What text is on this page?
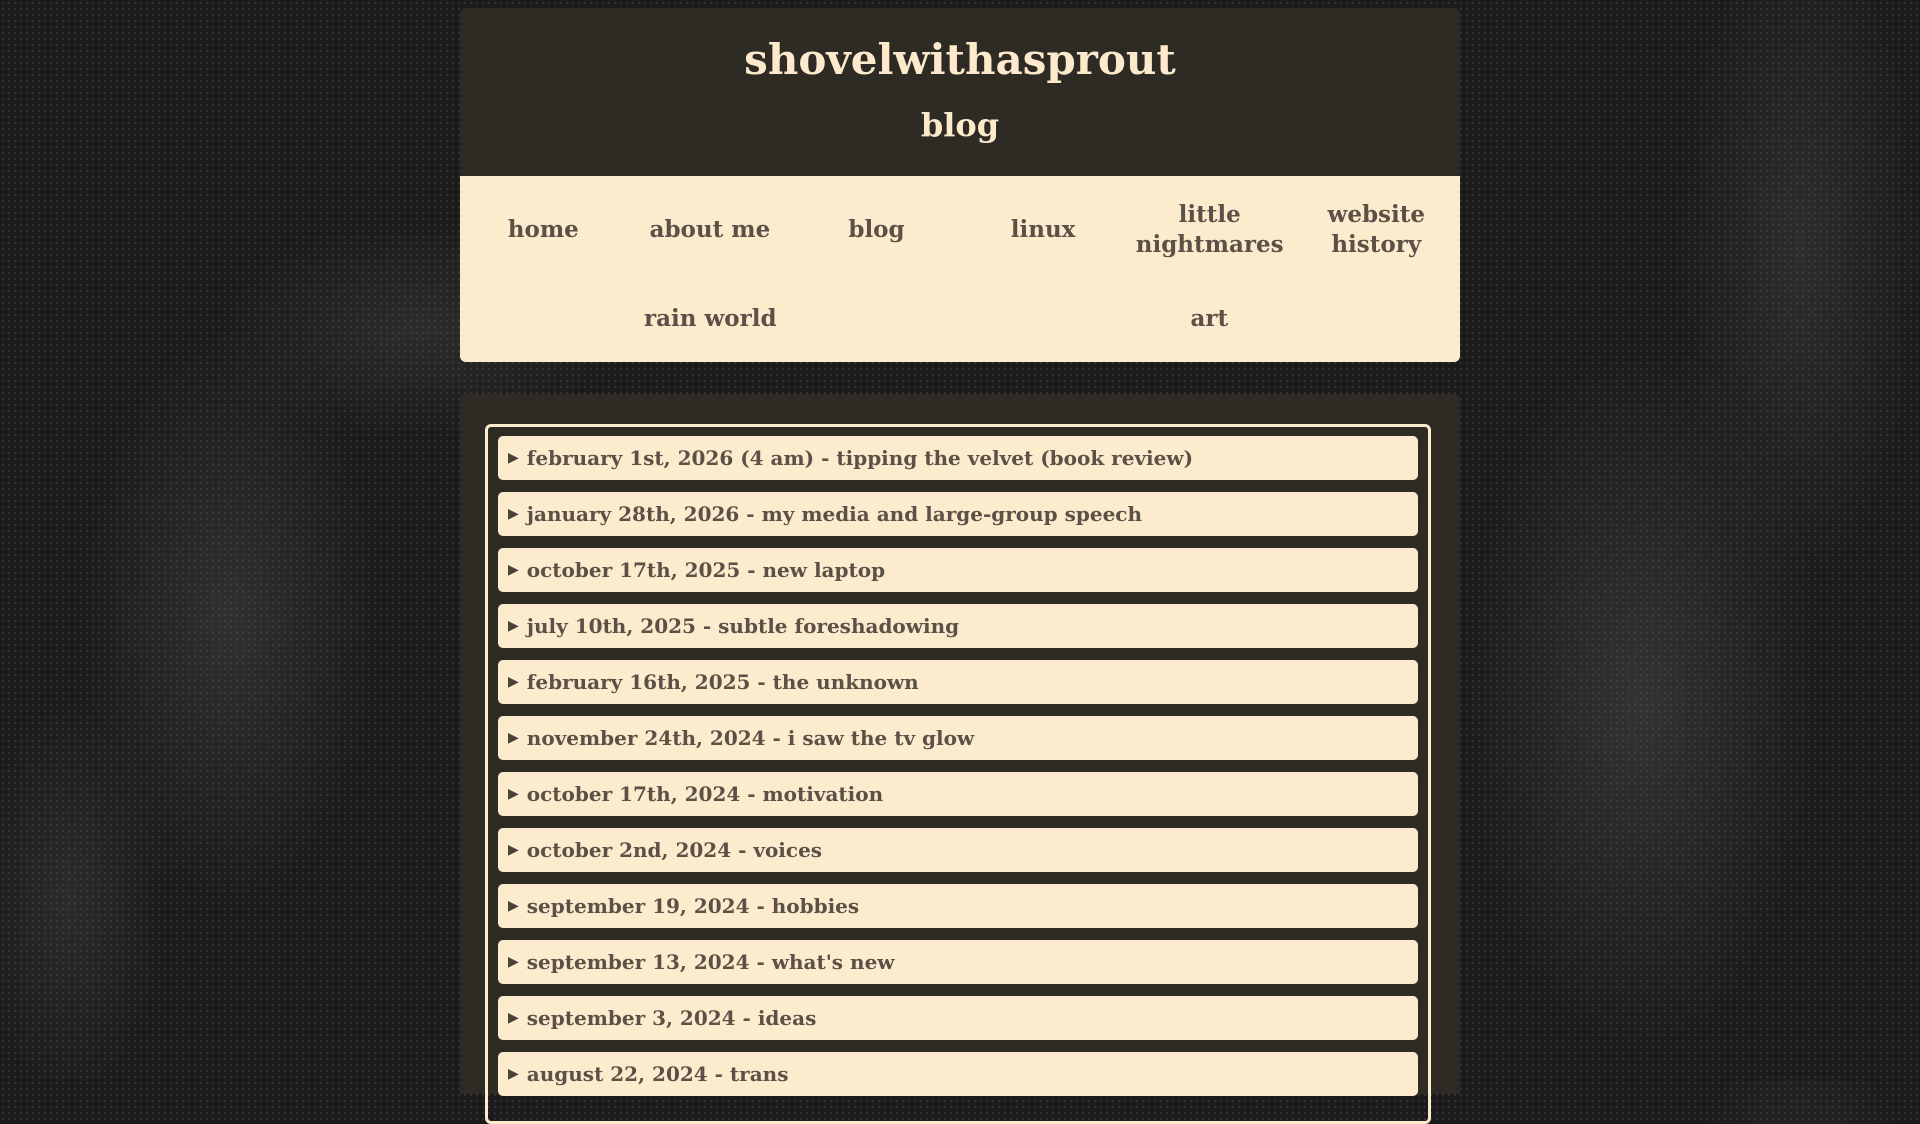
shovelwithasprout
blog
home	about me	blog	linux
little nightmares
website history
rain world	art
▶ february 1st, 2026 (4 am) - tipping the velvet (book review)
▶ january 28th, 2026 - my media and large-group speech
▶ october 17th, 2025 - new laptop
▶ july 10th, 2025 - subtle foreshadowing
▶ february 16th, 2025 - the unknown
▶ november 24th, 2024 - i saw the tv glow
▶ october 17th, 2024 - motivation
▶ october 2nd, 2024 - voices
▶ september 19, 2024 - hobbies
▶ september 13, 2024 - what's new
▶ september 3, 2024 - ideas
▶ august 22, 2024 - trans
